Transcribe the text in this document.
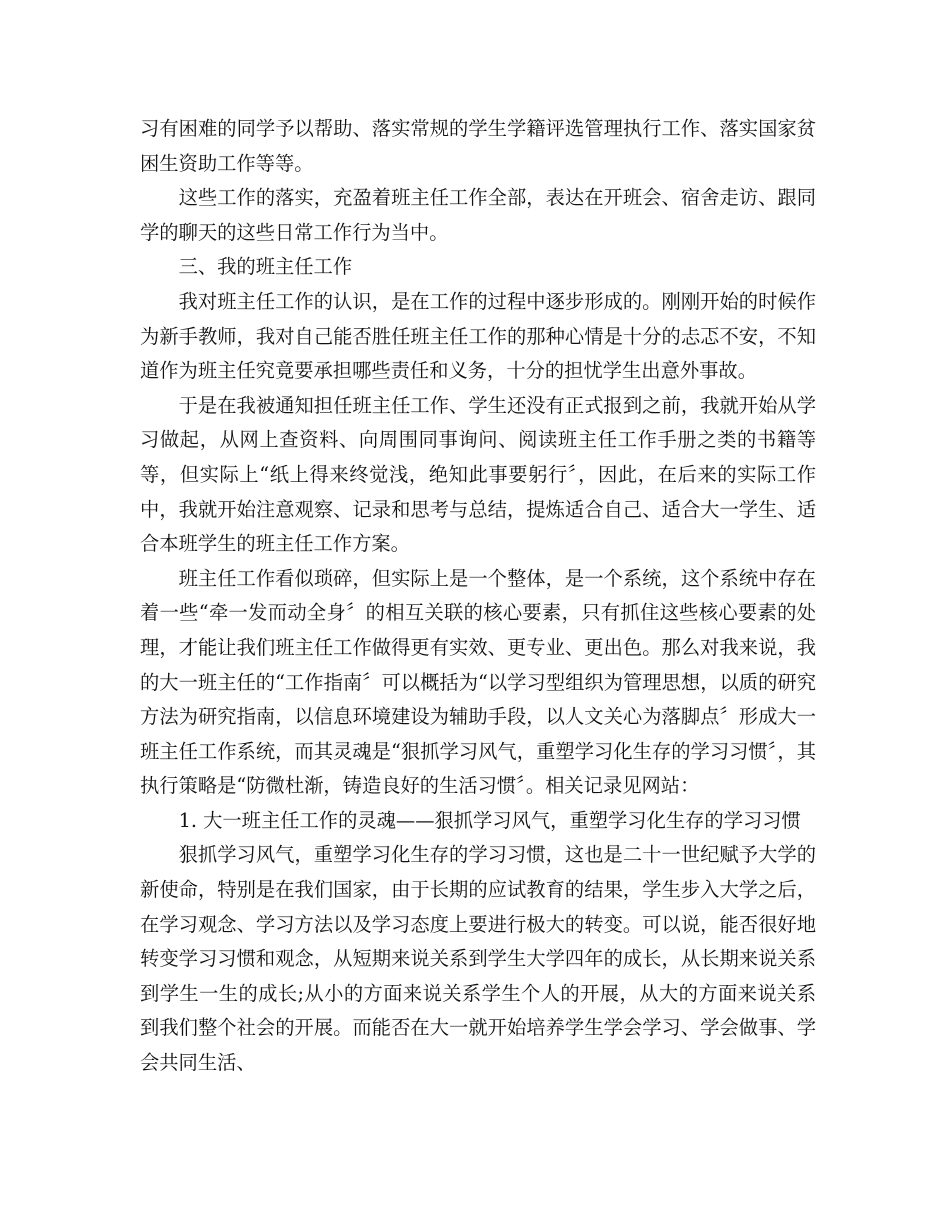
习有困难的同学予以帮助、落实常规的学生学籍评选管理执行工作、落实国家贫困生资助工作等等。

这些工作的落实，充盈着班主任工作全部，表达在开班会、宿舍走访、跟同学的聊天的这些日常工作行为当中。

三、我的班主任工作

我对班主任工作的认识，是在工作的过程中逐步形成的。刚刚开始的时候作为新手教师，我对自己能否胜任班主任工作的那种心情是十分的忐忑不安，不知道作为班主任究竟要承担哪些责任和义务，十分的担忧学生出意外事故。

于是在我被通知担任班主任工作、学生还没有正式报到之前，我就开始从学习做起，从网上查资料、向周围同事询问、阅读班主任工作手册之类的书籍等等，但实际上“纸上得来终觉浅，绝知此事要躬行〞，因此，在后来的实际工作中，我就开始注意观察、记录和思考与总结，提炼适合自己、适合大一学生、适合本班学生的班主任工作方案。

班主任工作看似琐碎，但实际上是一个整体，是一个系统，这个系统中存在着一些“牵一发而动全身〞的相互关联的核心要素，只有抓住这些核心要素的处理，才能让我们班主任工作做得更有实效、更专业、更出色。那么对我来说，我的大一班主任的“工作指南〞可以概括为“以学习型组织为管理思想，以质的研究方法为研究指南，以信息环境建设为辅助手段，以人文关心为落脚点〞形成大一班主任工作系统，而其灵魂是“狠抓学习风气，重塑学习化生存的学习习惯〞，其执行策略是“防微杜渐，铸造良好的生活习惯〞。相关记录见网站：

1. 大一班主任工作的灵魂——狠抓学习风气，重塑学习化生存的学习习惯

狠抓学习风气，重塑学习化生存的学习习惯，这也是二十一世纪赋予大学的新使命，特别是在我们国家，由于长期的应试教育的结果，学生步入大学之后，在学习观念、学习方法以及学习态度上要进行极大的转变。可以说，能否很好地转变学习习惯和观念，从短期来说关系到学生大学四年的成长，从长期来说关系到学生一生的成长;从小的方面来说关系学生个人的开展，从大的方面来说关系到我们整个社会的开展。而能否在大一就开始培养学生学会学习、学会做事、学会共同生活、
